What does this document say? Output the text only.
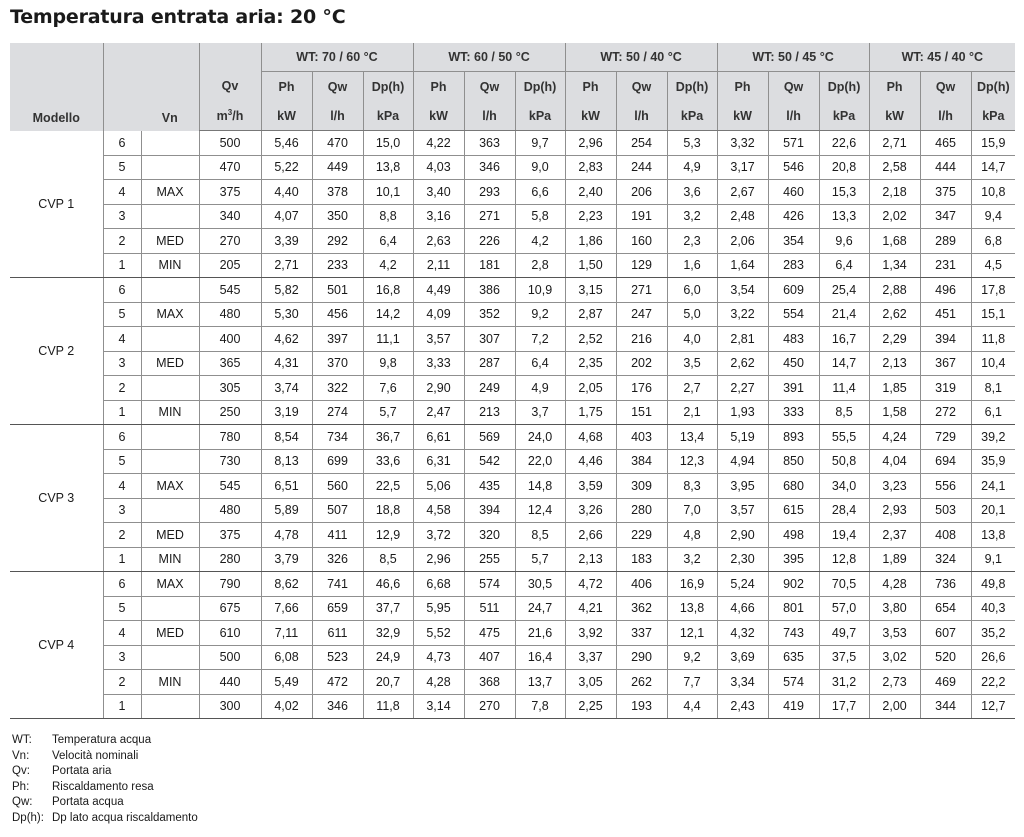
Temperatura entrata aria: 20 °C
Modello		Vn		WT: 70 / 60 °C			WT: 60 / 50 °C			WT: 50 / 40 °C			WT: 50 / 45 °C			WT: 45 / 40 °C		
			Qv	Ph	Qw	Dp(h)	Ph	Qw	Dp(h)	Ph	Qw	Dp(h)	Ph	Qw	Dp(h)	Ph	Qw	Dp(h)
			$m^3/h$	kW	l/h	kPa	kW	l/h	kPa	kW	l/h	kPa	kW	l/h	kPa	kW	l/h	kPa
CVP 1	6		500	5,46	470	15,0	4,22	363	9,7	2,96	254	5,3	3,32	571	22,6	2,71	465	15,9
	5		470	5,22	449	13,8	4,03	346	9,0	2,83	244	4,9	3,17	546	20,8	2,58	444	14,7
	4	MAX	375	4,40	378	10,1	3,40	293	6,6	2,40	206	3,6	2,67	460	15,3	2,18	375	10,8
	3		340	4,07	350	8,8	3,16	271	5,8	2,23	191	3,2	2,48	426	13,3	2,02	347	9,4
	2	MED	270	3,39	292	6,4	2,63	226	4,2	1,86	160	2,3	2,06	354	9,6	1,68	289	6,8
	1	MIN	205	2,71	233	4,2	2,11	181	2,8	1,50	129	1,6	1,64	283	6,4	1,34	231	4,5
CVP 2	6		545	5,82	501	16,8	4,49	386	10,9	3,15	271	6,0	3,54	609	25,4	2,88	496	17,8
	5	MAX	480	5,30	456	14,2	4,09	352	9,2	2,87	247	5,0	3,22	554	21,4	2,62	451	15,1
	4		400	4,62	397	11,1	3,57	307	7,2	2,52	216	4,0	2,81	483	16,7	2,29	394	11,8
	3	MED	365	4,31	370	9,8	3,33	287	6,4	2,35	202	3,5	2,62	450	14,7	2,13	367	10,4
	2		305	3,74	322	7,6	2,90	249	4,9	2,05	176	2,7	2,27	391	11,4	1,85	319	8,1
	1	MIN	250	3,19	274	5,7	2,47	213	3,7	1,75	151	2,1	1,93	333	8,5	1,58	272	6,1
CVP 3	6		780	8,54	734	36,7	6,61	569	24,0	4,68	403	13,4	5,19	893	55,5	4,24	729	39,2
	5		730	8,13	699	33,6	6,31	542	22,0	4,46	384	12,3	4,94	850	50,8	4,04	694	35,9
	4	MAX	545	6,51	560	22,5	5,06	435	14,8	3,59	309	8,3	3,95	680	34,0	3,23	556	24,1
	3		480	5,89	507	18,8	4,58	394	12,4	3,26	280	7,0	3,57	615	28,4	2,93	503	20,1
	2	MED	375	4,78	411	12,9	3,72	320	8,5	2,66	229	4,8	2,90	498	19,4	2,37	408	13,8
	1	MIN	280	3,79	326	8,5	2,96	255	5,7	2,13	183	3,2	2,30	395	12,8	1,89	324	9,1
CVP 4	6	MAX	790	8,62	741	46,6	6,68	574	30,5	4,72	406	16,9	5,24	902	70,5	4,28	736	49,8
	5		675	7,66	659	37,7	5,95	511	24,7	4,21	362	13,8	4,66	801	57,0	3,80	654	40,3
	4	MED	610	7,11	611	32,9	5,52	475	21,6	3,92	337	12,1	4,32	743	49,7	3,53	607	35,2
	3		500	6,08	523	24,9	4,73	407	16,4	3,37	290	9,2	3,69	635	37,5	3,02	520	26,6
	2	MIN	440	5,49	472	20,7	4,28	368	13,7	3,05	262	7,7	3,34	574	31,2	2,73	469	22,2
	1		300	4,02	346	11,8	3,14	270	7,8	2,25	193	4,4	2,43	419	17,7	2,00	344	12,7
WT:	Temperatura acqua
Vn:	Velocità nominali
Qv:	Portata aria
Ph:	Riscaldamento resa
Qw:	Portata acqua
Dp(h): Dp lato acqua riscaldamento
